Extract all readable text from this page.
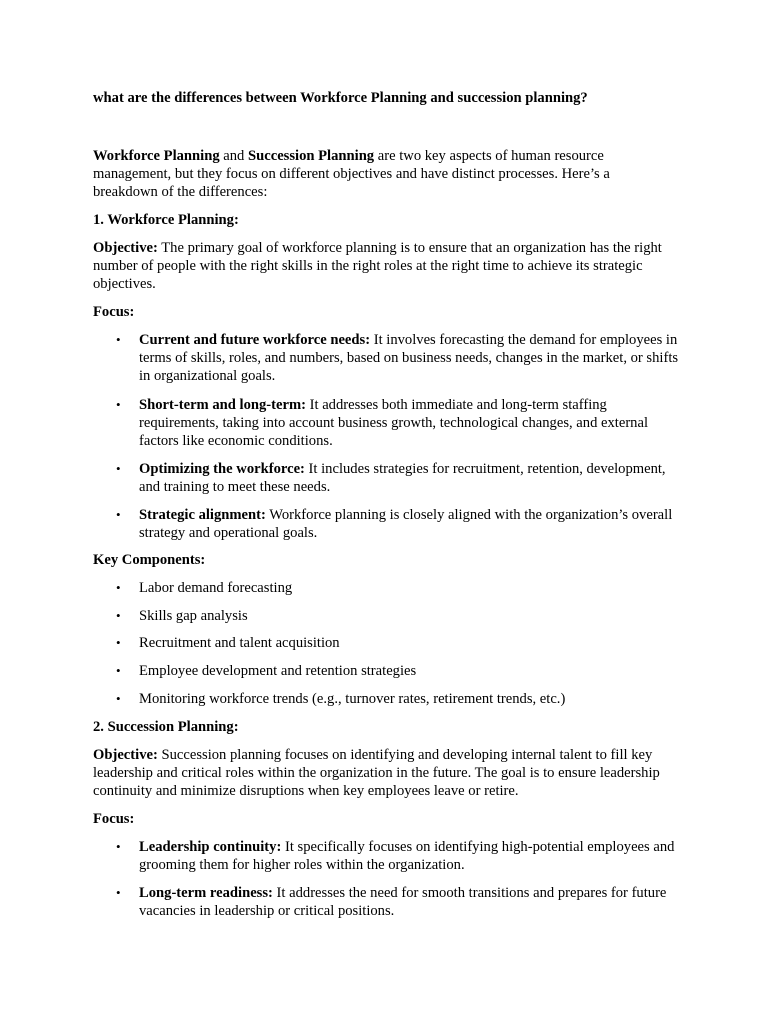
what are the differences between Workforce Planning and succession planning?

Workforce Planning and Succession Planning are two key aspects of human resource management, but they focus on different objectives and have distinct processes. Here’s a breakdown of the differences:

1. Workforce Planning:

Objective: The primary goal of workforce planning is to ensure that an organization has the right number of people with the right skills in the right roles at the right time to achieve its strategic objectives.

Focus:

• Current and future workforce needs: It involves forecasting the demand for employees in terms of skills, roles, and numbers, based on business needs, changes in the market, or shifts in organizational goals.
• Short-term and long-term: It addresses both immediate and long-term staffing requirements, taking into account business growth, technological changes, and external factors like economic conditions.
• Optimizing the workforce: It includes strategies for recruitment, retention, development, and training to meet these needs.
• Strategic alignment: Workforce planning is closely aligned with the organization’s overall strategy and operational goals.

Key Components:

• Labor demand forecasting
• Skills gap analysis
• Recruitment and talent acquisition
• Employee development and retention strategies
• Monitoring workforce trends (e.g., turnover rates, retirement trends, etc.)

2. Succession Planning:

Objective: Succession planning focuses on identifying and developing internal talent to fill key leadership and critical roles within the organization in the future. The goal is to ensure leadership continuity and minimize disruptions when key employees leave or retire.

Focus:

• Leadership continuity: It specifically focuses on identifying high-potential employees and grooming them for higher roles within the organization.
• Long-term readiness: It addresses the need for smooth transitions and prepares for future vacancies in leadership or critical positions.
